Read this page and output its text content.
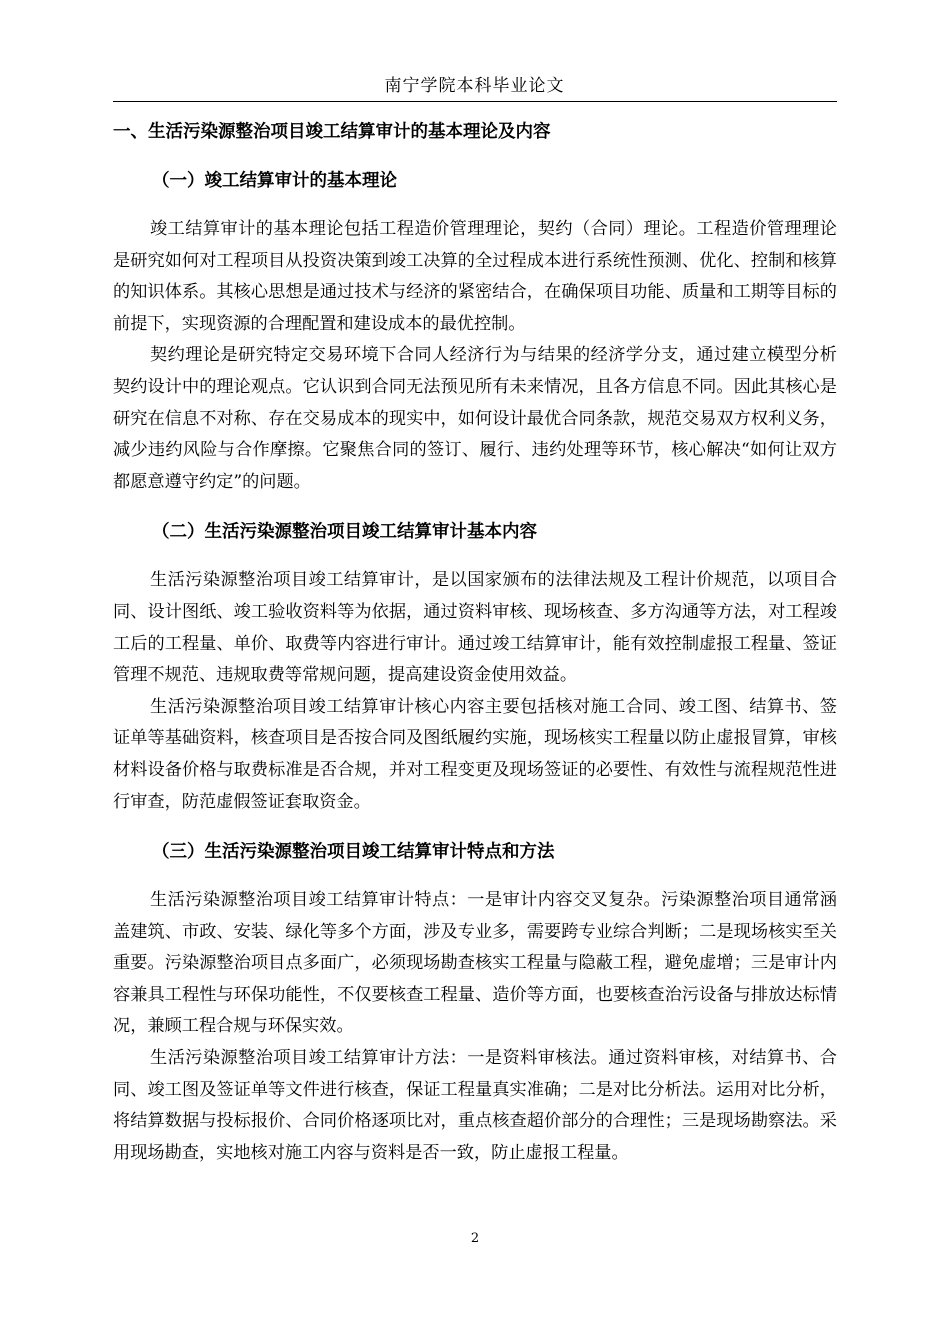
南宁学院本科毕业论文
一、生活污染源整治项目竣工结算审计的基本理论及内容
（一）竣工结算审计的基本理论

竣工结算审计的基本理论包括工程造价管理理论，契约（合同）理论。工程造价管理理论是研究如何对工程项目从投资决策到竣工决算的全过程成本进行系统性预测、优化、控制和核算的知识体系。其核心思想是通过技术与经济的紧密结合，在确保项目功能、质量和工期等目标的前提下，实现资源的合理配置和建设成本的最优控制。

契约理论是研究特定交易环境下合同人经济行为与结果的经济学分支，通过建立模型分析契约设计中的理论观点。它认识到合同无法预见所有未来情况，且各方信息不同。因此其核心是研究在信息不对称、存在交易成本的现实中，如何设计最优合同条款，规范交易双方权利义务，减少违约风险与合作摩擦。它聚焦合同的签订、履行、违约处理等环节，核心解决“如何让双方都愿意遵守约定”的问题。

（二）生活污染源整治项目竣工结算审计基本内容

生活污染源整治项目竣工结算审计，是以国家颁布的法律法规及工程计价规范，以项目合同、设计图纸、竣工验收资料等为依据，通过资料审核、现场核查、多方沟通等方法，对工程竣工后的工程量、单价、取费等内容进行审计。通过竣工结算审计，能有效控制虚报工程量、签证管理不规范、违规取费等常规问题，提高建设资金使用效益。

生活污染源整治项目竣工结算审计核心内容主要包括核对施工合同、竣工图、结算书、签证单等基础资料，核查项目是否按合同及图纸履约实施，现场核实工程量以防止虚报冒算，审核材料设备价格与取费标准是否合规，并对工程变更及现场签证的必要性、有效性与流程规范性进行审查，防范虚假签证套取资金。

（三）生活污染源整治项目竣工结算审计特点和方法

生活污染源整治项目竣工结算审计特点：一是审计内容交叉复杂。污染源整治项目通常涵盖建筑、市政、安装、绿化等多个方面，涉及专业多，需要跨专业综合判断；二是现场核实至关重要。污染源整治项目点多面广，必须现场勘查核实工程量与隐蔽工程，避免虚增；三是审计内容兼具工程性与环保功能性，不仅要核查工程量、造价等方面，也要核查治污设备与排放达标情况，兼顾工程合规与环保实效。

生活污染源整治项目竣工结算审计方法：一是资料审核法。通过资料审核，对结算书、合同、竣工图及签证单等文件进行核查，保证工程量真实准确；二是对比分析法。运用对比分析，将结算数据与投标报价、合同价格逐项比对，重点核查超价部分的合理性；三是现场勘察法。采用现场勘查，实地核对施工内容与资料是否一致，防止虚报工程量。

2
